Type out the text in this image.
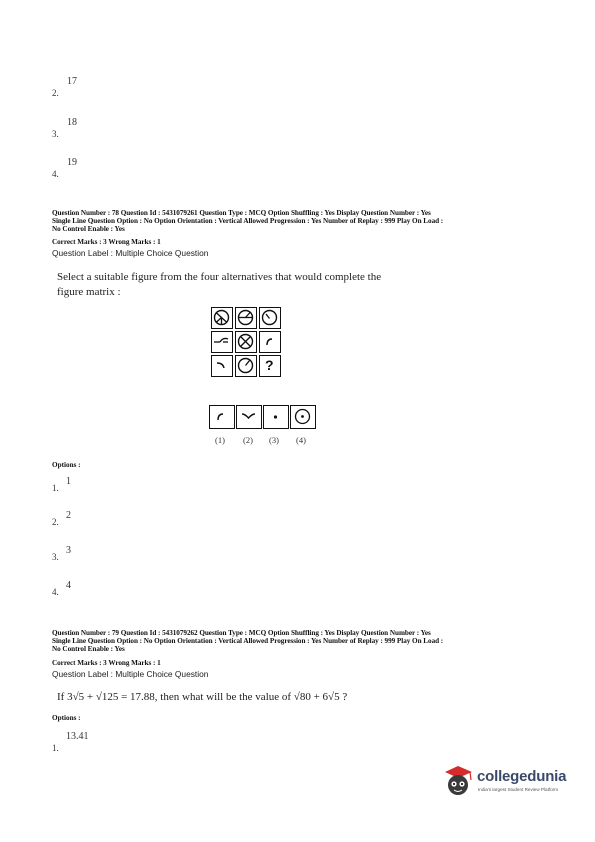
17
2.
18
3.
19
4.
Question Number : 78 Question Id : 5431079261 Question Type : MCQ Option Shuffling : Yes Display Question Number : Yes
Single Line Question Option : No Option Orientation : Vertical Allowed Progression : Yes Number of Replay : 999 Play On Load :
No Control Enable : Yes
Correct Marks : 3 Wrong Marks : 1
Question Label : Multiple Choice Question
Select a suitable figure from the four alternatives that would complete the
figure matrix :
?
(1) (2) (3) (4)
Options :
1
1.
2
2.
3
3.
4
4.
Question Number : 79 Question Id : 5431079262 Question Type : MCQ Option Shuffling : Yes Display Question Number : Yes
Single Line Question Option : No Option Orientation : Vertical Allowed Progression : Yes Number of Replay : 999 Play On Load :
No Control Enable : Yes
Correct Marks : 3 Wrong Marks : 1
Question Label : Multiple Choice Question
If 3√5 + √125 = 17.88, then what will be the value of √80 + 6√5 ?
Options :
13.41
1.
collegedunia
India's largest Student Review Platform
